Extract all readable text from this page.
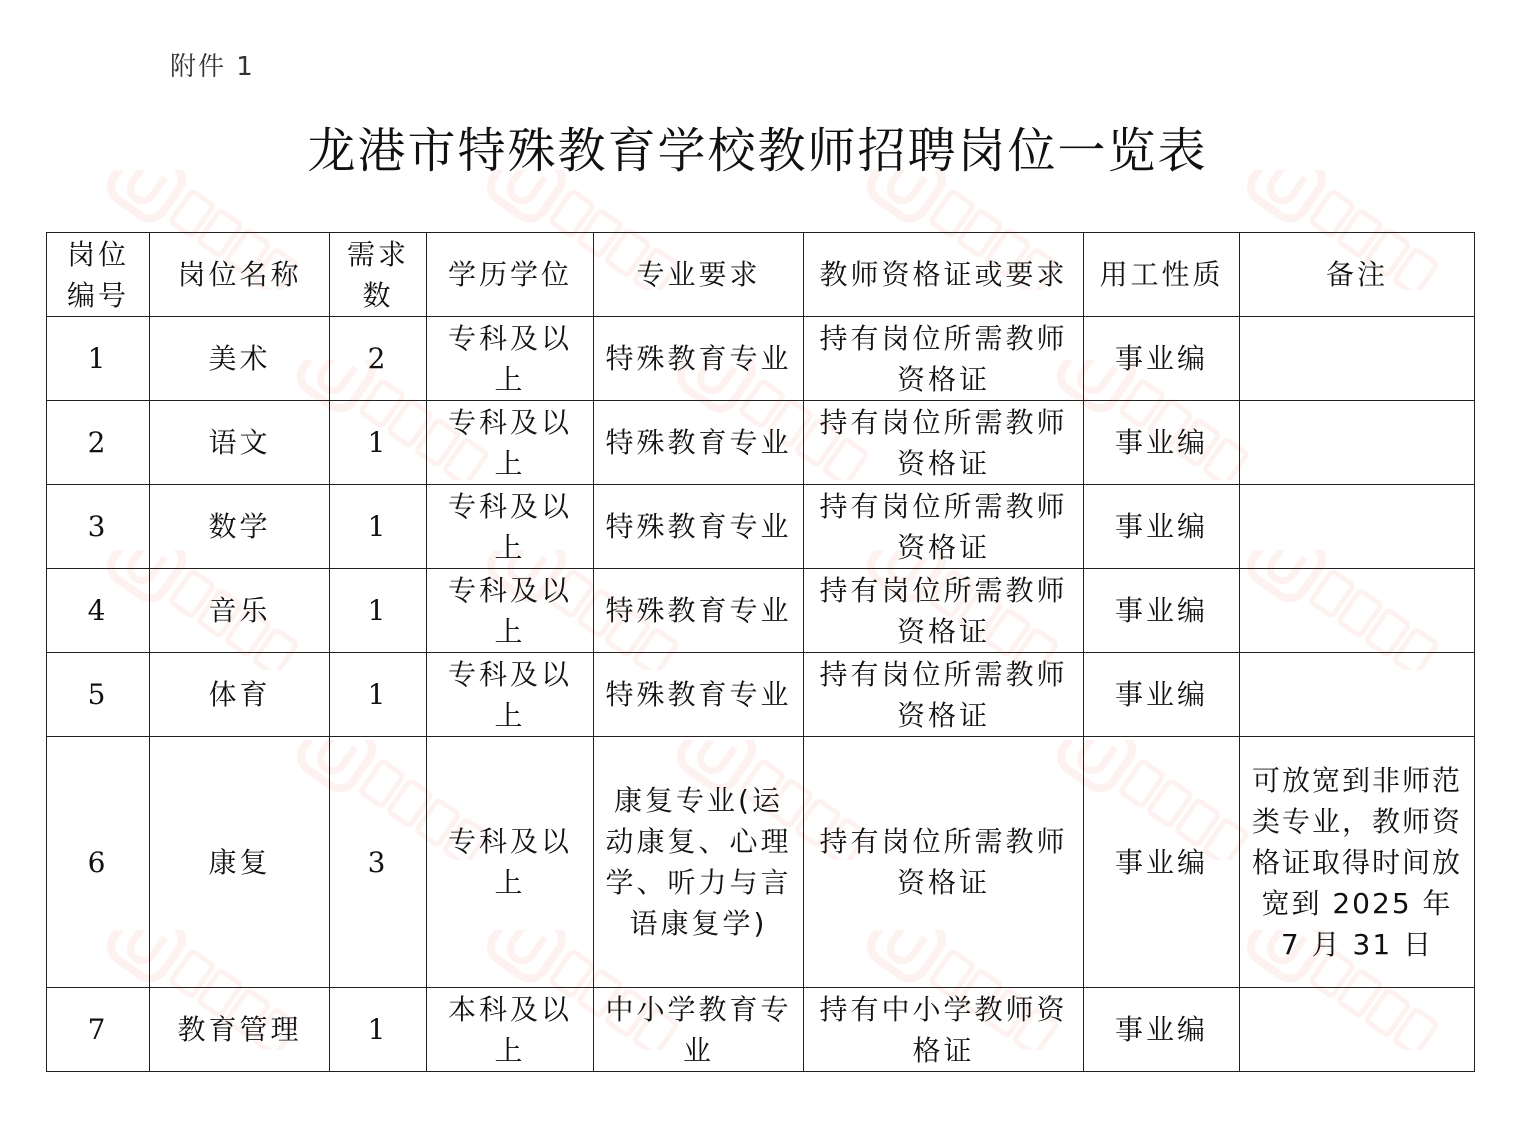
附件 1
龙港市特殊教育学校教师招聘岗位一览表
岗位编号	岗位名称	需求数	学历学位	专业要求	教师资格证或要求	用工性质	备注
1	美术	2	专科及以上	特殊教育专业	持有岗位所需教师资格证	事业编	
2	语文	1	专科及以上	特殊教育专业	持有岗位所需教师资格证	事业编	
3	数学	1	专科及以上	特殊教育专业	持有岗位所需教师资格证	事业编	
4	音乐	1	专科及以上	特殊教育专业	持有岗位所需教师资格证	事业编	
5	体育	1	专科及以上	特殊教育专业	持有岗位所需教师资格证	事业编	
6	康复	3	专科及以上	康复专业(运动康复、心理学、听力与言语康复学)	持有岗位所需教师资格证	事业编	可放宽到非师范类专业，教师资格证取得时间放宽到 2025 年 7 月 31 日
7	教育管理	1	本科及以上	中小学教育专业	持有中小学教师资格证	事业编	
